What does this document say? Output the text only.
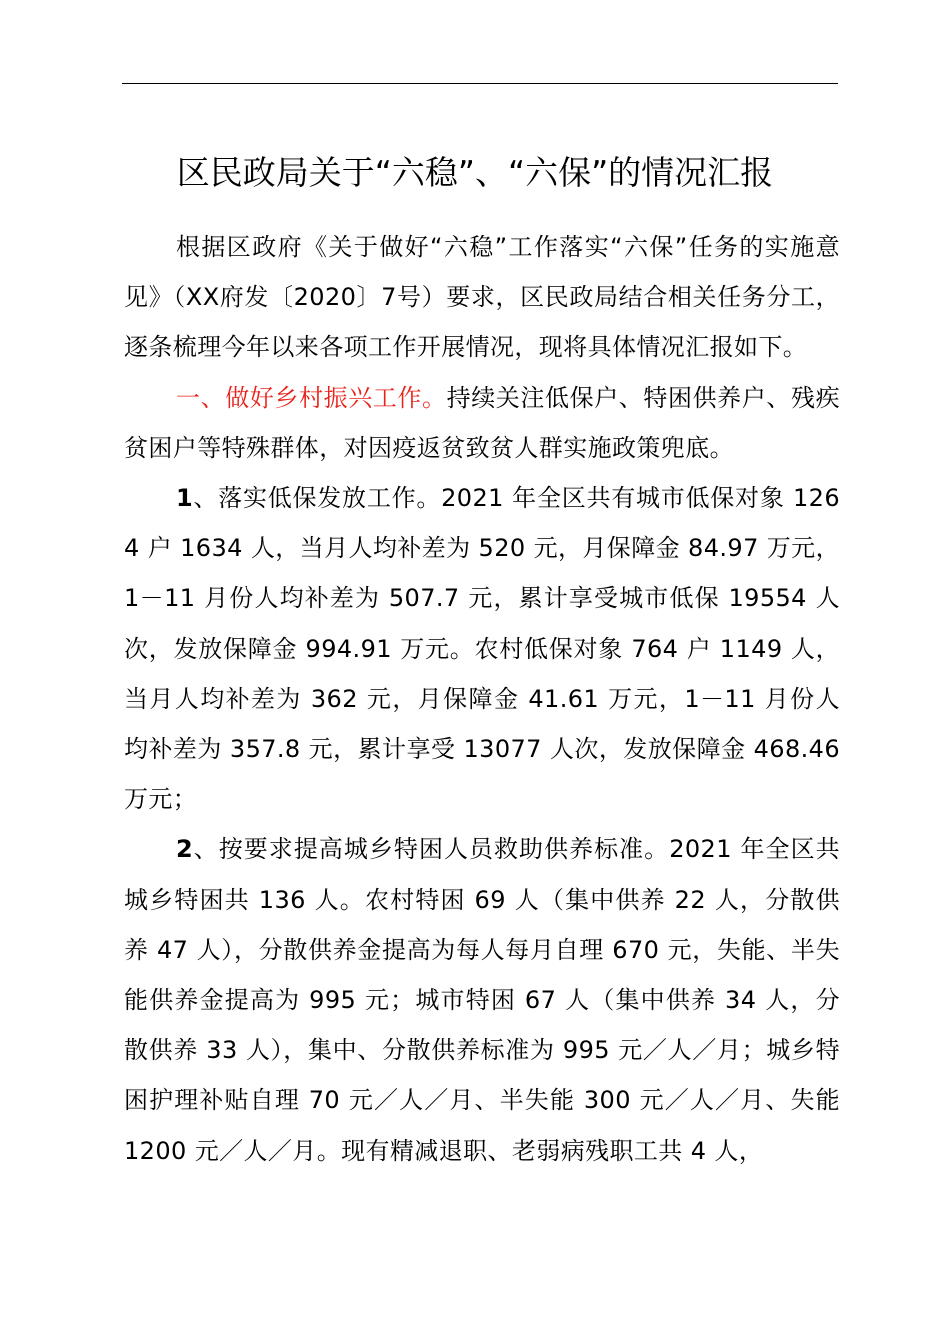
区民政局关于“六稳”、“六保”的情况汇报

根据区政府《关于做好“六稳”工作落实“六保”任务的实施意见》（XX府发〔2020〕7号）要求，区民政局结合相关任务分工，逐条梳理今年以来各项工作开展情况，现将具体情况汇报如下。

一、做好乡村振兴工作。持续关注低保户、特困供养户、残疾贫困户等特殊群体，对因疫返贫致贫人群实施政策兜底。

1、落实低保发放工作。2021 年全区共有城市低保对象 1264 户 1634 人，当月人均补差为 520 元，月保障金 84.97 万元，1－11 月份人均补差为 507.7 元，累计享受城市低保 19554 人次，发放保障金 994.91 万元。农村低保对象 764 户 1149 人，当月人均补差为 362 元，月保障金 41.61 万元，1－11 月份人均补差为 357.8 元，累计享受 13077 人次，发放保障金 468.46 万元；

2、按要求提高城乡特困人员救助供养标准。2021 年全区共城乡特困共 136 人。农村特困 69 人（集中供养 22 人，分散供养 47 人），分散供养金提高为每人每月自理 670 元，失能、半失能供养金提高为 995 元；城市特困 67 人（集中供养 34 人，分散供养 33 人），集中、分散供养标准为 995 元／人／月；城乡特困护理补贴自理 70 元／人／月、半失能 300 元／人／月、失能 1200 元／人／月。现有精减退职、老弱病残职工共 4 人，
